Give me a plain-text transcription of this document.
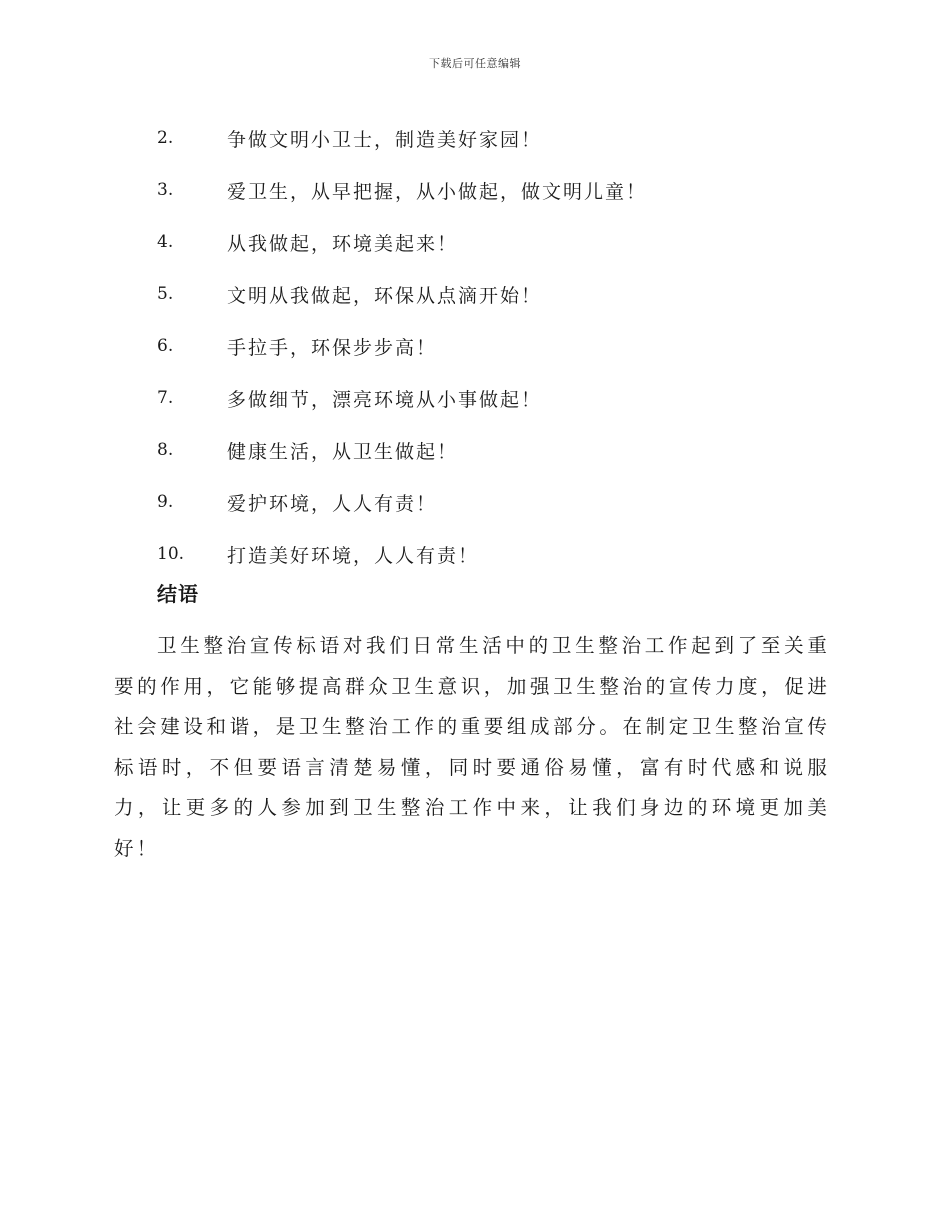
下载后可任意编辑
2.	争做文明小卫士，制造美好家园！
3.	爱卫生，从早把握，从小做起，做文明儿童！
4.	从我做起，环境美起来！
5.	文明从我做起，环保从点滴开始！
6.	手拉手，环保步步高！
7.	多做细节，漂亮环境从小事做起！
8.	健康生活，从卫生做起！
9.	爱护环境，人人有责！
10.	打造美好环境，人人有责！
结语

卫生整治宣传标语对我们日常生活中的卫生整治工作起到了至关重要的作用，它能够提高群众卫生意识，加强卫生整治的宣传力度，促进社会建设和谐，是卫生整治工作的重要组成部分。在制定卫生整治宣传标语时，不但要语言清楚易懂，同时要通俗易懂，富有时代感和说服力，让更多的人参加到卫生整治工作中来，让我们身边的环境更加美好！
